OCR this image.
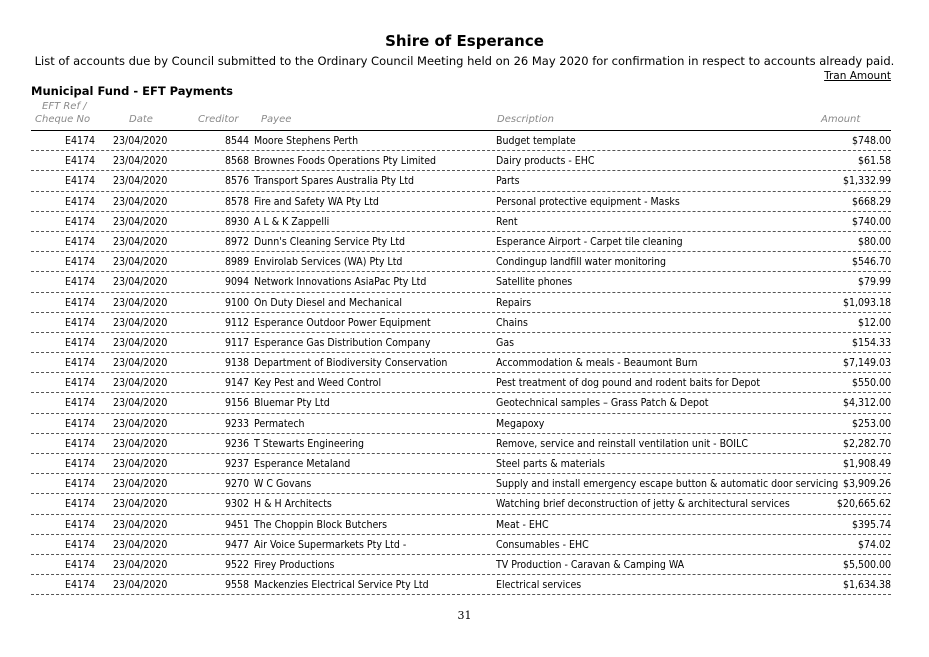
Shire of Esperance
List of accounts due by Council submitted to the Ordinary Council Meeting held on 26 May 2020 for confirmation in respect to accounts already paid.
Tran Amount
Municipal Fund - EFT Payments
EFT Ref /
Cheque No	Date	Creditor Payee	Description	Amount
E4174 23/04/2020	8544 Moore Stephens Perth	Budget template	$748.00
E4174 23/04/2020	8568 Brownes Foods Operations Pty Limited	Dairy products - EHC	$61.58
E4174 23/04/2020	8576 Transport Spares Australia Pty Ltd	Parts	$1,332.99
E4174 23/04/2020	8578 Fire and Safety WA Pty Ltd	Personal protective equipment - Masks	$668.29
E4174 23/04/2020	8930 A L & K Zappelli	Rent	$740.00
E4174 23/04/2020	8972 Dunn's Cleaning Service Pty Ltd	Esperance Airport - Carpet tile cleaning	$80.00
E4174 23/04/2020	8989 Envirolab Services (WA) Pty Ltd	Condingup landfill water monitoring	$546.70
E4174 23/04/2020	9094 Network Innovations AsiaPac Pty Ltd	Satellite phones	$79.99
E4174 23/04/2020	9100 On Duty Diesel and Mechanical	Repairs	$1,093.18
E4174 23/04/2020	9112 Esperance Outdoor Power Equipment	Chains	$12.00
E4174 23/04/2020	9117 Esperance Gas Distribution Company	Gas	$154.33
E4174 23/04/2020	9138 Department of Biodiversity Conservation	Accommodation & meals - Beaumont Burn	$7,149.03
E4174 23/04/2020	9147 Key Pest and Weed Control	Pest treatment of dog pound and rodent baits for Depot	$550.00
E4174 23/04/2020	9156 Bluemar Pty Ltd	Geotechnical samples – Grass Patch & Depot	$4,312.00
E4174 23/04/2020	9233 Permatech	Megapoxy	$253.00
E4174 23/04/2020	9236 T Stewarts Engineering	Remove, service and reinstall ventilation unit - BOILC	$2,282.70
E4174 23/04/2020	9237 Esperance Metaland	Steel parts & materials	$1,908.49
E4174 23/04/2020	9270 W C Govans	Supply and install emergency escape button & automatic door servicing $3,909.26
E4174 23/04/2020	9302 H & H Architects	Watching brief deconstruction of jetty & architectural services	$20,665.62
E4174 23/04/2020	9451 The Choppin Block Butchers	Meat - EHC	$395.74
E4174 23/04/2020	9477 Air Voice Supermarkets Pty Ltd -	Consumables - EHC	$74.02
E4174 23/04/2020	9522 Firey Productions	TV Production - Caravan & Camping WA	$5,500.00
E4174 23/04/2020	9558 Mackenzies Electrical Service Pty Ltd	Electrical services	$1,634.38
31
